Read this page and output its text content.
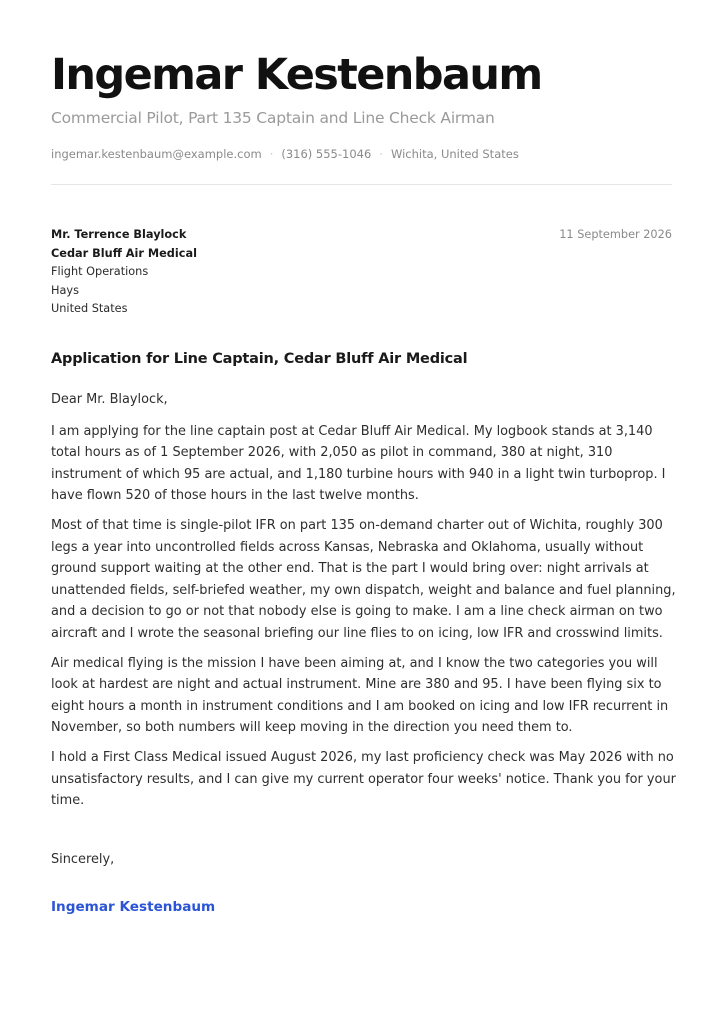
Ingemar Kestenbaum
Commercial Pilot, Part 135 Captain and Line Check Airman
ingemar.kestenbaum@example.com · (316) 555-1046 · Wichita, United States
Mr. Terrence Blaylock
Cedar Bluff Air Medical
Flight Operations
Hays
United States
11 September 2026
Application for Line Captain, Cedar Bluff Air Medical

Dear Mr. Blaylock,

I am applying for the line captain post at Cedar Bluff Air Medical. My logbook stands at 3,140 total hours as of 1 September 2026, with 2,050 as pilot in command, 380 at night, 310 instrument of which 95 are actual, and 1,180 turbine hours with 940 in a light twin turboprop. I have flown 520 of those hours in the last twelve months.

Most of that time is single-pilot IFR on part 135 on-demand charter out of Wichita, roughly 300 legs a year into uncontrolled fields across Kansas, Nebraska and Oklahoma, usually without ground support waiting at the other end. That is the part I would bring over: night arrivals at unattended fields, self-briefed weather, my own dispatch, weight and balance and fuel planning, and a decision to go or not that nobody else is going to make. I am a line check airman on two aircraft and I wrote the seasonal briefing our line flies to on icing, low IFR and crosswind limits.

Air medical flying is the mission I have been aiming at, and I know the two categories you will look at hardest are night and actual instrument. Mine are 380 and 95. I have been flying six to eight hours a month in instrument conditions and I am booked on icing and low IFR recurrent in November, so both numbers will keep moving in the direction you need them to.

I hold a First Class Medical issued August 2026, my last proficiency check was May 2026 with no unsatisfactory results, and I can give my current operator four weeks' notice. Thank you for your time.

Sincerely,
Ingemar Kestenbaum
